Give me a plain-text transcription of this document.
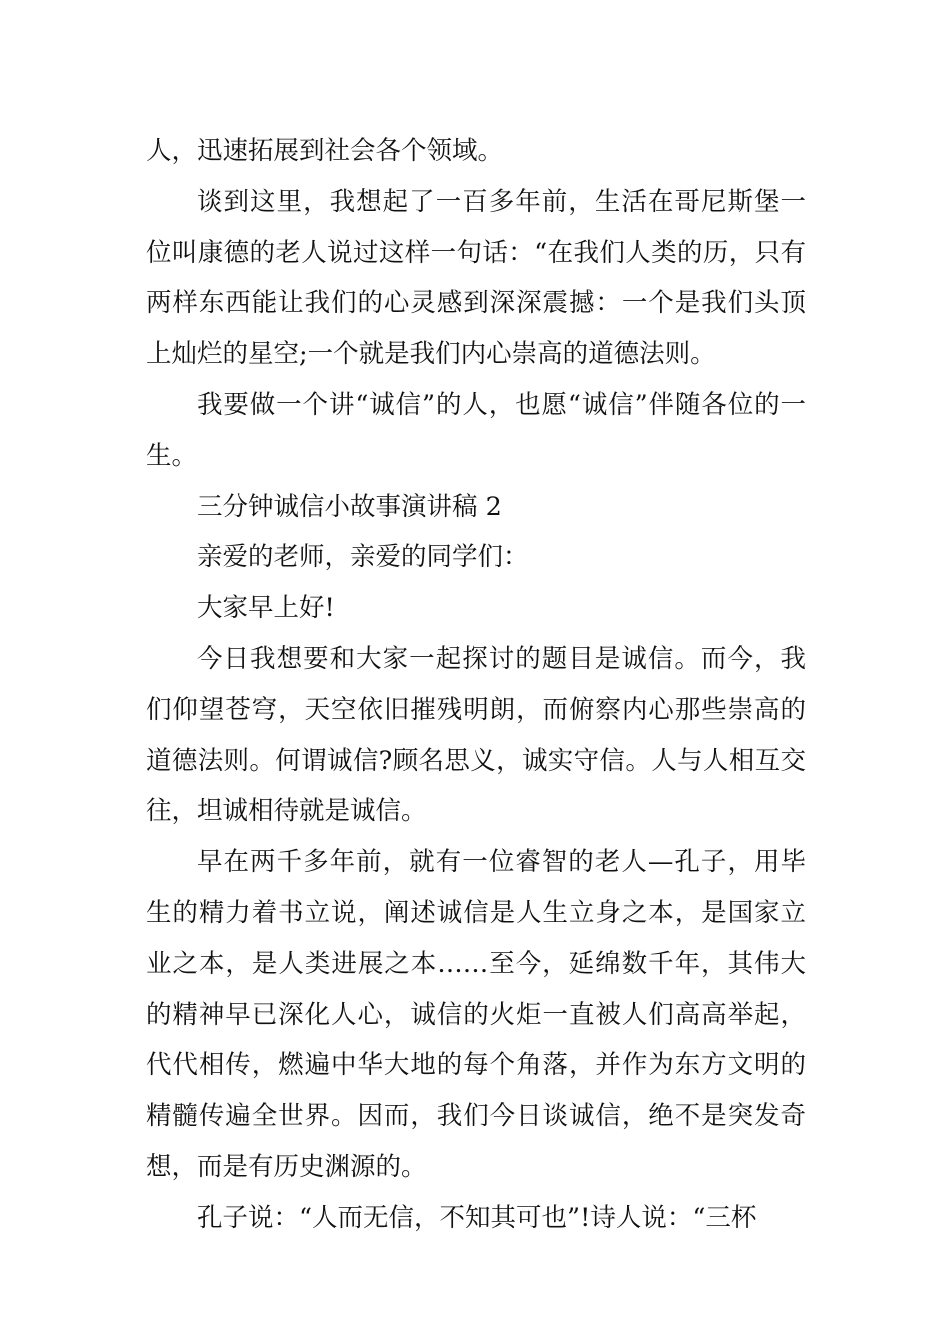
人，迅速拓展到社会各个领域。

谈到这里，我想起了一百多年前，生活在哥尼斯堡一位叫康德的老人说过这样一句话：“在我们人类的历，只有两样东西能让我们的心灵感到深深震撼：一个是我们头顶上灿烂的星空;一个就是我们内心崇高的道德法则。

我要做一个讲“诚信”的人，也愿“诚信”伴随各位的一生。

三分钟诚信小故事演讲稿 2

亲爱的老师，亲爱的同学们：

大家早上好!

今日我想要和大家一起探讨的题目是诚信。而今，我们仰望苍穹，天空依旧摧残明朗，而俯察内心那些崇高的道德法则。何谓诚信?顾名思义，诚实守信。人与人相互交往，坦诚相待就是诚信。

早在两千多年前，就有一位睿智的老人—孔子，用毕生的精力着书立说，阐述诚信是人生立身之本，是国家立业之本，是人类进展之本……至今，延绵数千年，其伟大的精神早已深化人心，诚信的火炬一直被人们高高举起，代代相传，燃遍中华大地的每个角落，并作为东方文明的精髓传遍全世界。因而，我们今日谈诚信，绝不是突发奇想，而是有历史渊源的。

孔子说：“人而无信，不知其可也”!诗人说：“三杯
